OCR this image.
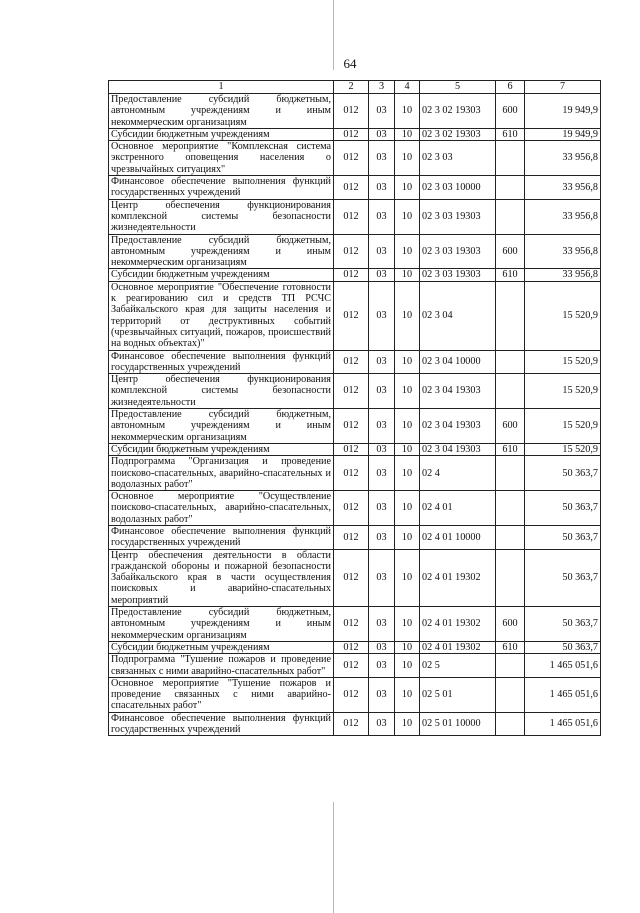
64
1	2	3	4	5	6	7
Предоставление субсидий бюджетным, автономным учреждениям и иным некоммерческим организациям	012	03	10	02 3 02 19303	600	19 949,9
Субсидии бюджетным учреждениям	012	03	10	02 3 02 19303	610	19 949,9
Основное мероприятие "Комплексная система экстренного оповещения населения о чрезвычайных ситуациях"	012	03	10	02 3 03		33 956,8
Финансовое обеспечение выполнения функций государственных учреждений	012	03	10	02 3 03 10000		33 956,8
Центр обеспечения функционирования комплексной системы безопасности жизнедеятельности	012	03	10	02 3 03 19303		33 956,8
Предоставление субсидий бюджетным, автономным учреждениям и иным некоммерческим организациям	012	03	10	02 3 03 19303	600	33 956,8
Субсидии бюджетным учреждениям	012	03	10	02 3 03 19303	610	33 956,8
Основное мероприятие "Обеспечение готовности к реагированию сил и средств ТП РСЧС Забайкальского края для защиты населения и территорий от деструктивных событий (чрезвычайных ситуаций, пожаров, происшествий на водных объектах)"	012	03	10	02 3 04		15 520,9
Финансовое обеспечение выполнения функций государственных учреждений	012	03	10	02 3 04 10000		15 520,9
Центр обеспечения функционирования комплексной системы безопасности жизнедеятельности	012	03	10	02 3 04 19303		15 520,9
Предоставление субсидий бюджетным, автономным учреждениям и иным некоммерческим организациям	012	03	10	02 3 04 19303	600	15 520,9
Субсидии бюджетным учреждениям	012	03	10	02 3 04 19303	610	15 520,9
Подпрограмма "Организация и проведение поисково-спасательных, аварийно-спасательных и водолазных работ"	012	03	10	02 4		50 363,7
Основное мероприятие "Осуществление поисково-спасательных, аварийно-спасательных, водолазных работ"	012	03	10	02 4 01		50 363,7
Финансовое обеспечение выполнения функций государственных учреждений	012	03	10	02 4 01 10000		50 363,7
Центр обеспечения деятельности в области гражданской обороны и пожарной безопасности Забайкальского края в части осуществления поисковых и аварийно-спасательных мероприятий	012	03	10	02 4 01 19302		50 363,7
Предоставление субсидий бюджетным, автономным учреждениям и иным некоммерческим организациям	012	03	10	02 4 01 19302	600	50 363,7
Субсидии бюджетным учреждениям	012	03	10	02 4 01 19302	610	50 363,7
Подпрограмма "Тушение пожаров и проведение связанных с ними аварийно-спасательных работ"	012	03	10	02 5		1 465 051,6
Основное мероприятие "Тушение пожаров и проведение связанных с ними аварийно-спасательных работ"	012	03	10	02 5 01		1 465 051,6
Финансовое обеспечение выполнения функций государственных учреждений	012	03	10	02 5 01 10000		1 465 051,6
